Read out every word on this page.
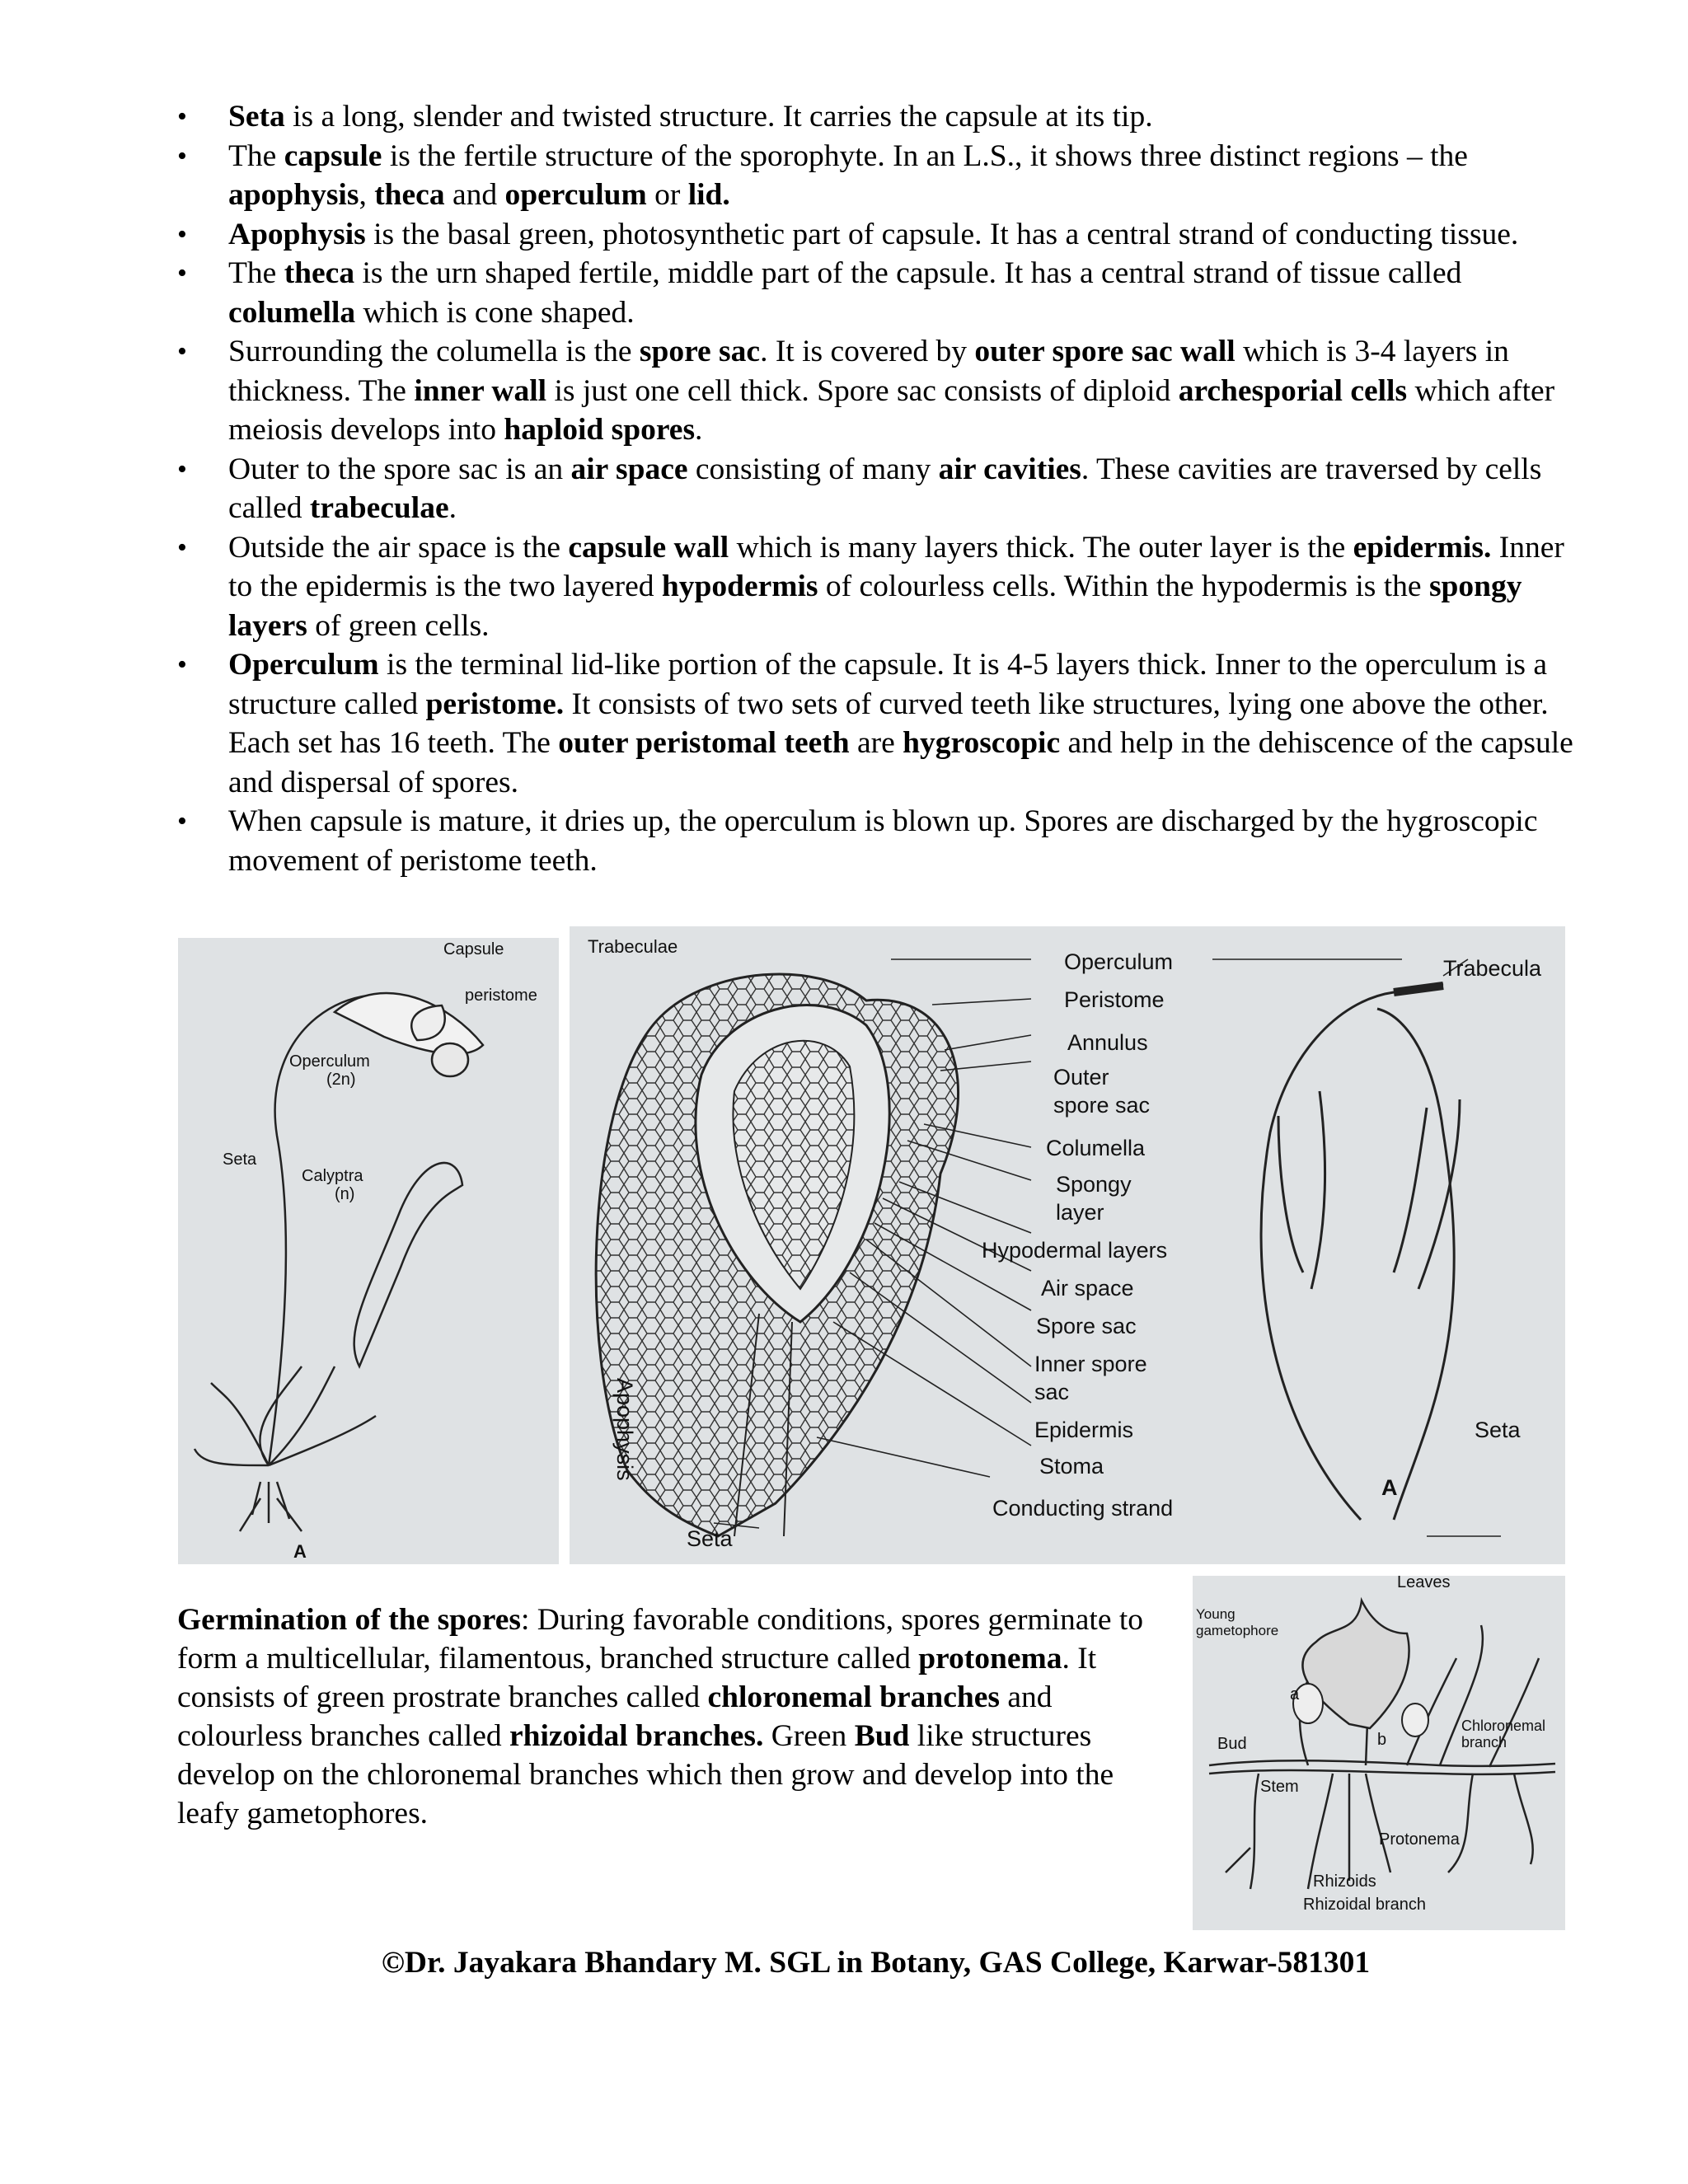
• Seta is a long, slender and twisted structure. It carries the capsule at its tip.
• The capsule is the fertile structure of the sporophyte. In an L.S., it shows three distinct regions – the apophysis, theca and operculum or lid.
• Apophysis is the basal green, photosynthetic part of capsule. It has a central strand of conducting tissue.
• The theca is the urn shaped fertile, middle part of the capsule. It has a central strand of tissue called columella which is cone shaped.
• Surrounding the columella is the spore sac. It is covered by outer spore sac wall which is 3-4 layers in thickness. The inner wall is just one cell thick. Spore sac consists of diploid archesporial cells which after meiosis develops into haploid spores.
• Outer to the spore sac is an air space consisting of many air cavities. These cavities are traversed by cells called trabeculae.
• Outside the air space is the capsule wall which is many layers thick. The outer layer is the epidermis. Inner to the epidermis is the two layered hypodermis of colourless cells. Within the hypodermis is the spongy layers of green cells.
• Operculum is the terminal lid-like portion of the capsule. It is 4-5 layers thick. Inner to the operculum is a structure called peristome. It consists of two sets of curved teeth like structures, lying one above the other. Each set has 16 teeth. The outer peristomal teeth are hygroscopic and help in the dehiscence of the capsule and dispersal of spores.
• When capsule is mature, it dries up, the operculum is blown up. Spores are discharged by the hygroscopic movement of peristome teeth.
Capsule
peristome
Operculum
(2n)
Seta
Calyptra
(n)
A
Trabeculae
Operculum
Peristome
Annulus
Outer
spore sac
Columella
Spongy
layer
Hypodermal layers
Air space
Spore sac
Inner spore
sac
Epidermis
Stoma
Conducting strand
Seta
Trabecula
Seta
A
Apophysis
Leaves
Young
gametophore
a
b
Chloronemal
branch
Bud
Stem
Protonema
Rhizoids
Rhizoidal branch

Germination of the spores: During favorable conditions, spores germinate to form a multicellular, filamentous, branched structure called protonema. It consists of green prostrate branches called chloronemal branches and colourless branches called rhizoidal branches. Green Bud like structures develop on the chloronemal branches which then grow and develop into the leafy gametophores.

©Dr. Jayakara Bhandary M. SGL in Botany, GAS College, Karwar-581301
